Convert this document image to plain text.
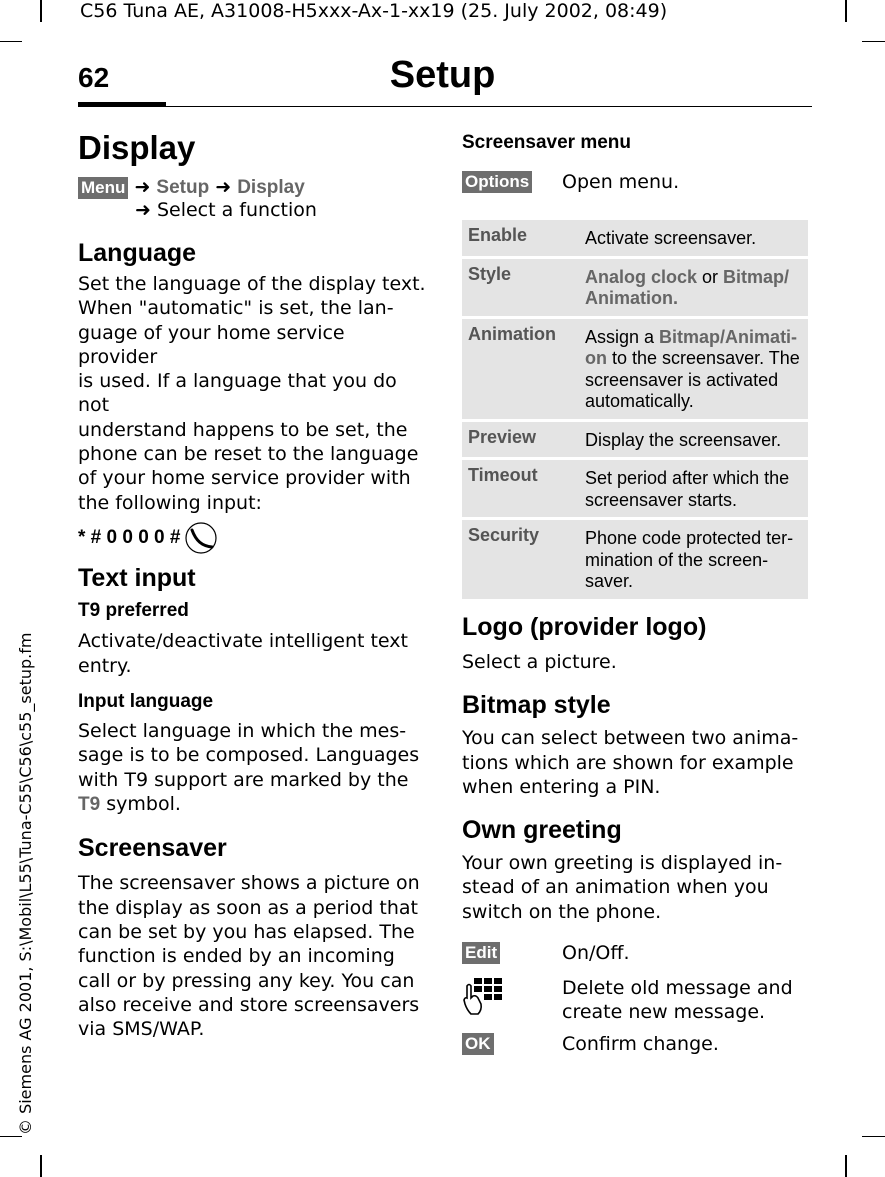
C56 Tuna AE, A31008-H5xxx-Ax-1-xx19 (25. July 2002, 08:49)
62	Setup
© Siemens AG 2001, S:\Mobil\L55\Tuna-C55\C56\c55_setup.fm
Display
Menu ➜ Setup ➜ Display
➜ Select a function
Language

Set the language of the display text.

When "automatic" is set, the lan-

guage of your home service provider

is used. If a language that you do not

understand happens to be set, the

phone can be reset to the language

of your home service provider with

the following input:

* # 0 0 0 0 #
Text input
T9 preferred

Activate/deactivate intelligent text

entry.

Input language

Select language in which the mes-

sage is to be composed. Languages

with T9 support are marked by the

T9 symbol.

Screensaver

The screensaver shows a picture on

the display as soon as a period that

can be set by you has elapsed. The

function is ended by an incoming

call or by pressing any key. You can

also receive and store screensavers

via SMS/WAP.

Screensaver menu
Options Open menu.
Enable	Activate screensaver.
Style	Analog clock or Bitmap/
Animation.
Animation	Assign a Bitmap/Animati-
on to the screensaver. The
screensaver is activated
automatically.
Preview	Display the screensaver.
Timeout	Set period after which the
screensaver starts.
Security	Phone code protected ter-
mination of the screen-
saver.
Logo (provider logo)

Select a picture.

Bitmap style

You can select between two anima-

tions which are shown for example

when entering a PIN.

Own greeting

Your own greeting is displayed in-

stead of an animation when you

switch on the phone.

Edit	On/Off.

Delete old message and

create new message.

OK	Confirm change.
